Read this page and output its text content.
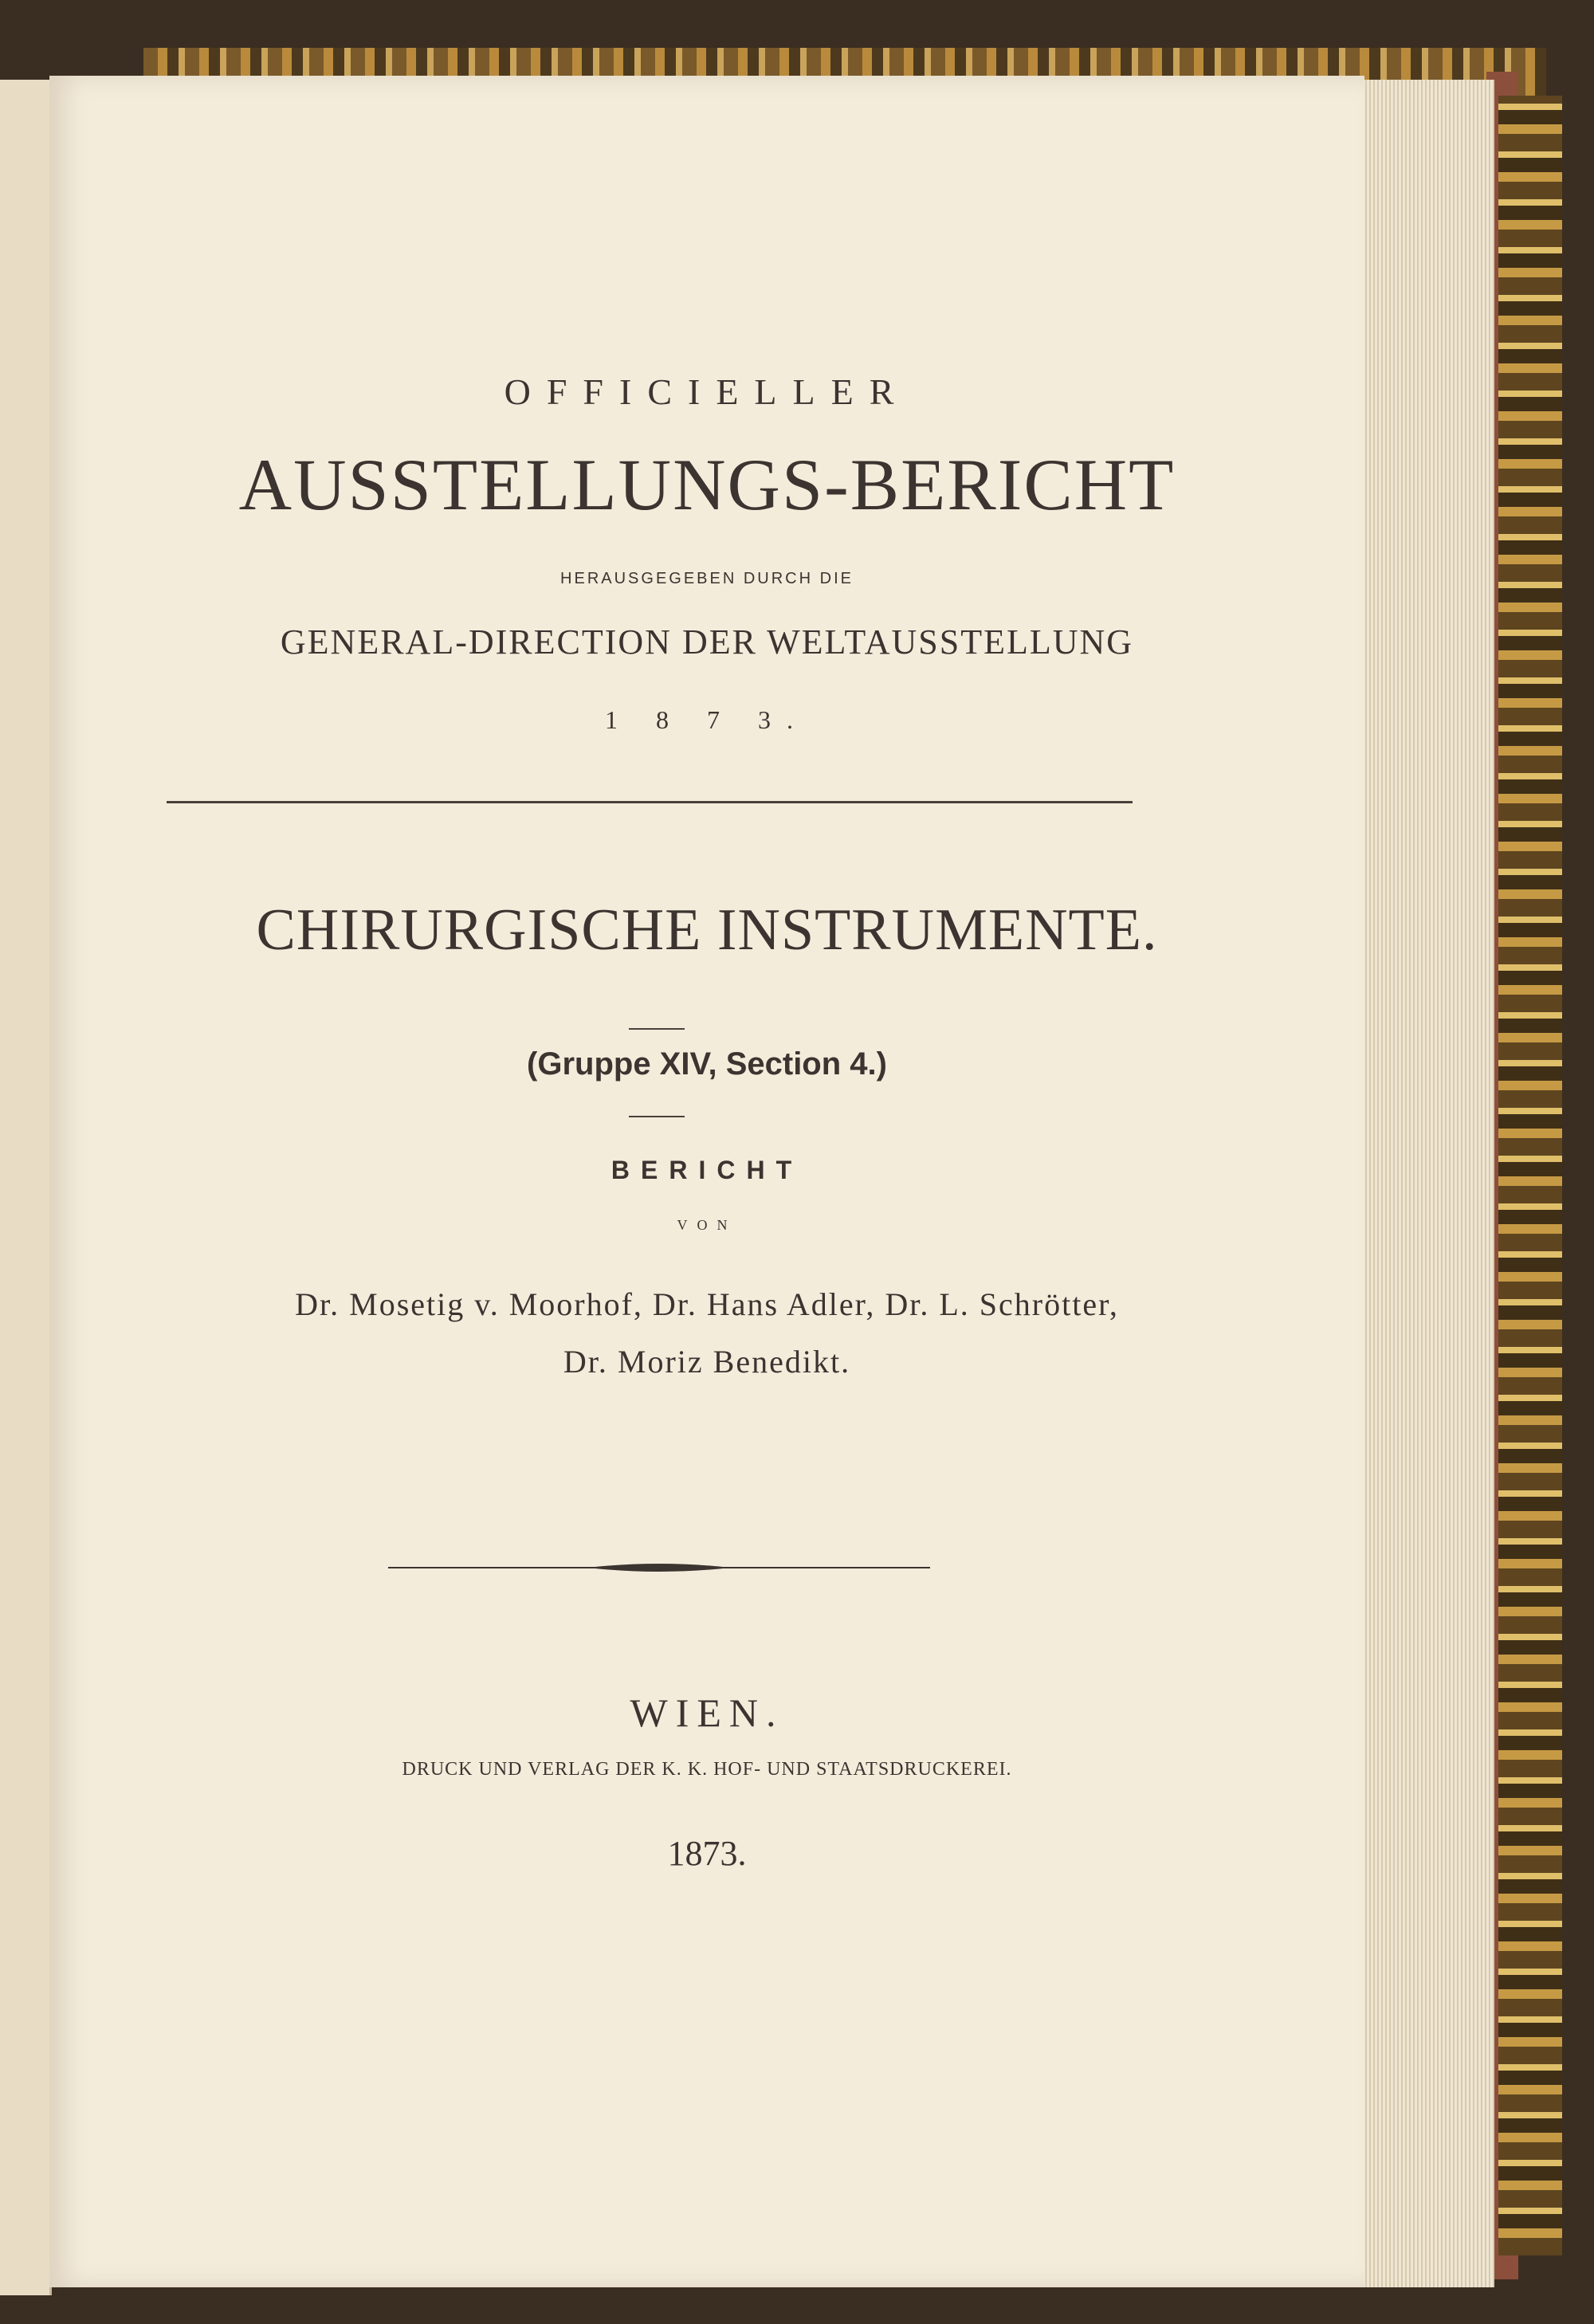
OFFICIELLER
AUSSTELLUNGS-BERICHT
HERAUSGEGEBEN DURCH DIE
GENERAL-DIRECTION DER WELTAUSSTELLUNG
1 8 7 3.
CHIRURGISCHE INSTRUMENTE.
(Gruppe XIV, Section 4.)
BERICHT
VON
Dr. Mosetig v. Moorhof, Dr. Hans Adler, Dr. L. Schrötter,
Dr. Moriz Benedikt.
WIEN.
DRUCK UND VERLAG DER K. K. HOF- UND STAATSDRUCKEREI.
1873.
